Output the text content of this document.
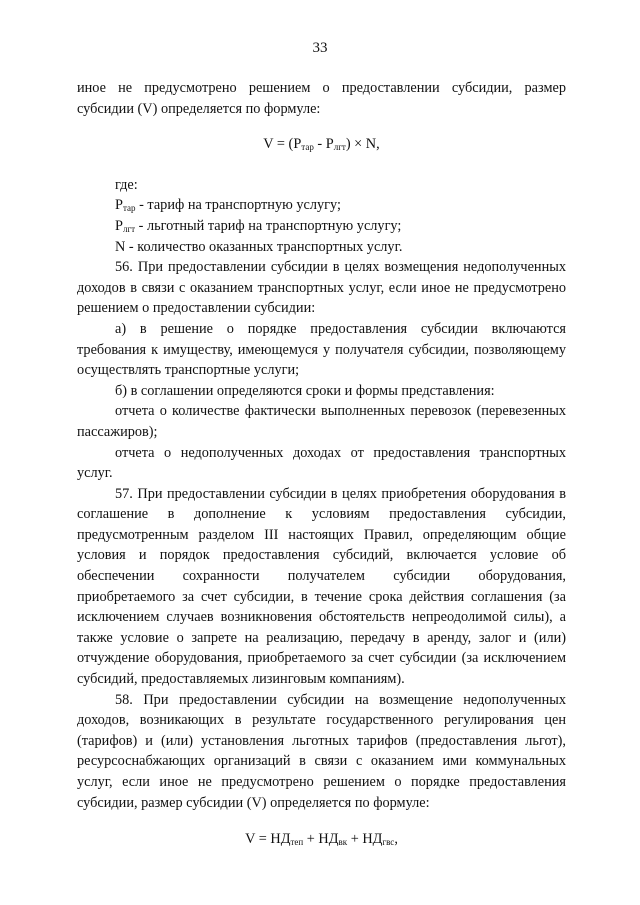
33

иное не предусмотрено решением о предоставлении субсидии, размер субсидии (V) определяется по формуле:

$V = (P_{тар} - P_{лгт}) \times N$,

где:

$P_{тар}$ - тариф на транспортную услугу;

$P_{лгт}$ - льготный тариф на транспортную услугу;

N - количество оказанных транспортных услуг.

56. При предоставлении субсидии в целях возмещения недополученных доходов в связи с оказанием транспортных услуг, если иное не предусмотрено решением о предоставлении субсидии:

а) в решение о порядке предоставления субсидии включаются требования к имуществу, имеющемуся у получателя субсидии, позволяющему осуществлять транспортные услуги;

б) в соглашении определяются сроки и формы представления:

отчета о количестве фактически выполненных перевозок (перевезенных пассажиров);

отчета о недополученных доходах от предоставления транспортных услуг.

57. При предоставлении субсидии в целях приобретения оборудования в соглашение в дополнение к условиям предоставления субсидии, предусмотренным разделом III настоящих Правил, определяющим общие условия и порядок предоставления субсидий, включается условие об обеспечении сохранности получателем субсидии оборудования, приобретаемого за счет субсидии, в течение срока действия соглашения (за исключением случаев возникновения обстоятельств непреодолимой силы), а также условие о запрете на реализацию, передачу в аренду, залог и (или) отчуждение оборудования, приобретаемого за счет субсидии (за исключением субсидий, предоставляемых лизинговым компаниям).

58. При предоставлении субсидии на возмещение недополученных доходов, возникающих в результате государственного регулирования цен (тарифов) и (или) установления льготных тарифов (предоставления льгот), ресурсоснабжающих организаций в связи с оказанием ими коммунальных услуг, если иное не предусмотрено решением о порядке предоставления субсидии, размер субсидии (V) определяется по формуле:

$V = НД_{теп} + НД_{вк} + НД_{гвс}$,
